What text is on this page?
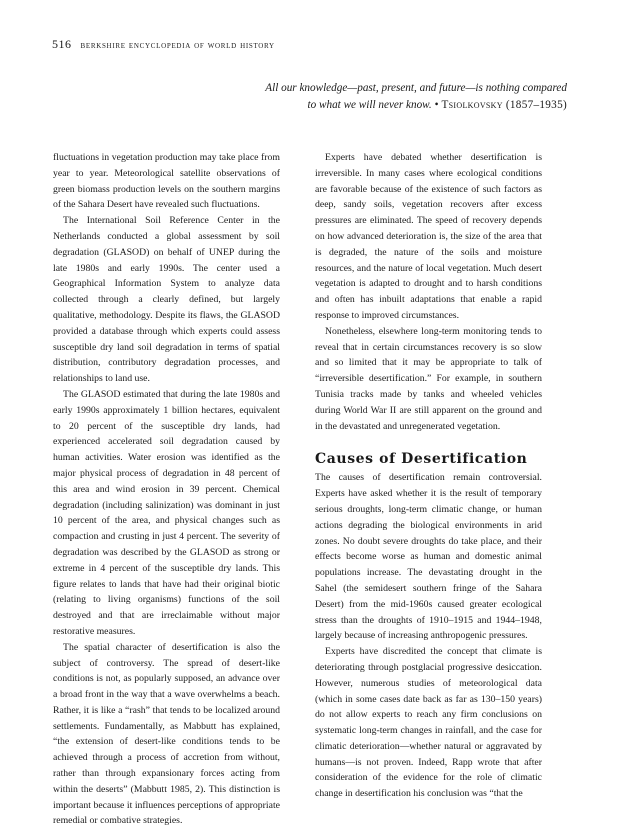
516 berkshire encyclopedia of world history
All our knowledge—past, present, and future—is nothing compared
to what we will never know. • Tsiolkovsky (1857–1935)

fluctuations in vegetation production may take place from year to year. Meteorological satellite observations of green biomass production levels on the southern margins of the Sahara Desert have revealed such fluctuations.

The International Soil Reference Center in the Netherlands conducted a global assessment by soil degradation (GLASOD) on behalf of UNEP during the late 1980s and early 1990s. The center used a Geographical Information System to analyze data collected through a clearly defined, but largely qualitative, methodology. Despite its flaws, the GLASOD provided a database through which experts could assess susceptible dry land soil degradation in terms of spatial distribution, contributory degradation processes, and relationships to land use.

The GLASOD estimated that during the late 1980s and early 1990s approximately 1 billion hectares, equivalent to 20 percent of the susceptible dry lands, had experienced accelerated soil degradation caused by human activities. Water erosion was identified as the major physical process of degradation in 48 percent of this area and wind erosion in 39 percent. Chemical degradation (including salinization) was dominant in just 10 percent of the area, and physical changes such as compaction and crusting in just 4 percent. The severity of degradation was described by the GLASOD as strong or extreme in 4 percent of the susceptible dry lands. This figure relates to lands that have had their original biotic (relating to living organisms) functions of the soil destroyed and that are irreclaimable without major restorative measures.

The spatial character of desertification is also the subject of controversy. The spread of desert-like conditions is not, as popularly supposed, an advance over a broad front in the way that a wave overwhelms a beach. Rather, it is like a “rash” that tends to be localized around settlements. Fundamentally, as Mabbutt has explained, “the extension of desert-like conditions tends to be achieved through a process of accretion from without, rather than through expansionary forces acting from within the deserts” (Mabbutt 1985, 2). This distinction is important because it influences perceptions of appropriate remedial or combative strategies.

Experts have debated whether desertification is irreversible. In many cases where ecological conditions are favorable because of the existence of such factors as deep, sandy soils, vegetation recovers after excess pressures are eliminated. The speed of recovery depends on how advanced deterioration is, the size of the area that is degraded, the nature of the soils and moisture resources, and the nature of local vegetation. Much desert vegetation is adapted to drought and to harsh conditions and often has inbuilt adaptations that enable a rapid response to improved circumstances.

Nonetheless, elsewhere long-term monitoring tends to reveal that in certain circumstances recovery is so slow and so limited that it may be appropriate to talk of “irreversible desertification.” For example, in southern Tunisia tracks made by tanks and wheeled vehicles during World War II are still apparent on the ground and in the devastated and unregenerated vegetation.

Causes of Desertification

The causes of desertification remain controversial. Experts have asked whether it is the result of temporary serious droughts, long-term climatic change, or human actions degrading the biological environments in arid zones. No doubt severe droughts do take place, and their effects become worse as human and domestic animal populations increase. The devastating drought in the Sahel (the semidesert southern fringe of the Sahara Desert) from the mid-1960s caused greater ecological stress than the droughts of 1910–1915 and 1944–1948, largely because of increasing anthropogenic pressures.

Experts have discredited the concept that climate is deteriorating through postglacial progressive desiccation. However, numerous studies of meteorological data (which in some cases date back as far as 130–150 years) do not allow experts to reach any firm conclusions on systematic long-term changes in rainfall, and the case for climatic deterioration—whether natural or aggravated by humans—is not proven. Indeed, Rapp wrote that after consideration of the evidence for the role of climatic change in desertification his conclusion was “that the
